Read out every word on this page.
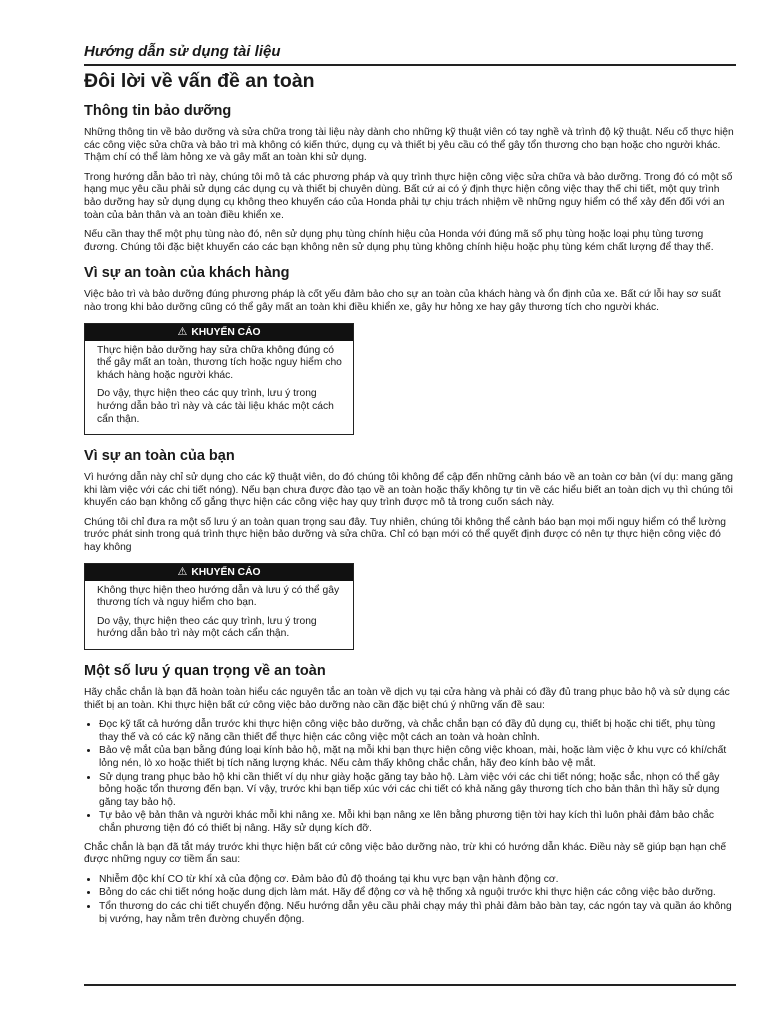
Hướng dẫn sử dụng tài liệu
Đôi lời về vấn đề an toàn
Thông tin bảo dưỡng

Những thông tin về bảo dưỡng và sửa chữa trong tài liệu này dành cho những kỹ thuật viên có tay nghề và trình độ kỹ thuật. Nếu cố thực hiện các công việc sửa chữa và bảo trì mà không có kiến thức, dụng cụ và thiết bị yêu cầu có thể gây tổn thương cho bạn hoặc cho người khác. Thậm chí có thể làm hỏng xe và gây mất an toàn khi sử dụng.

Trong hướng dẫn bảo trì này, chúng tôi mô tả các phương pháp và quy trình thực hiện công việc sửa chữa và bảo dưỡng. Trong đó có một số hạng mục yêu cầu phải sử dụng các dụng cụ và thiết bị chuyên dùng. Bất cứ ai có ý định thực hiện công việc thay thế chi tiết, một quy trình bảo dưỡng hay sử dụng dụng cụ không theo khuyến cáo của Honda phải tự chịu trách nhiệm về những nguy hiểm có thể xảy đến đối với an toàn của bản thân và an toàn điều khiển xe.

Nếu cần thay thế một phụ tùng nào đó, nên sử dụng phụ tùng chính hiệu của Honda với đúng mã số phụ tùng hoặc loại phụ tùng tương đương. Chúng tôi đặc biệt khuyến cáo các bạn không nên sử dụng phụ tùng không chính hiệu hoặc phụ tùng kém chất lượng để thay thế.

Vì sự an toàn của khách hàng

Việc bảo trì và bảo dưỡng đúng phương pháp là cốt yếu đảm bảo cho sự an toàn của khách hàng và ổn định của xe. Bất cứ lỗi hay sơ suất nào trong khi bảo dưỡng cũng có thể gây mất an toàn khi điều khiển xe, gây hư hỏng xe hay gây thương tích cho người khác.

⚠ KHUYẾN CÁO

Thực hiện bảo dưỡng hay sửa chữa không đúng có thể gây mất an toàn, thương tích hoặc nguy hiểm cho khách hàng hoặc người khác.

Do vậy, thực hiện theo các quy trình, lưu ý trong hướng dẫn bảo trì này và các tài liệu khác một cách cẩn thận.

Vì sự an toàn của bạn

Vì hướng dẫn này chỉ sử dụng cho các kỹ thuật viên, do đó chúng tôi không để cập đến những cảnh báo về an toàn cơ bản (ví dụ: mang găng khi làm việc với các chi tiết nóng). Nếu bạn chưa được đào tạo về an toàn hoặc thấy không tự tin về các hiểu biết an toàn dịch vụ thì chúng tôi khuyến cáo bạn không cố gắng thực hiện các công việc hay quy trình được mô tả trong cuốn sách này.

Chúng tôi chỉ đưa ra một số lưu ý an toàn quan trọng sau đây. Tuy nhiên, chúng tôi không thể cảnh báo bạn mọi mối nguy hiểm có thể lường trước phát sinh trong quá trình thực hiện bảo dưỡng và sửa chữa. Chỉ có bạn mới có thể quyết định được có nên tự thực hiện công việc đó hay không

⚠ KHUYẾN CÁO

Không thực hiện theo hướng dẫn và lưu ý có thể gây thương tích và nguy hiểm cho bạn.

Do vậy, thực hiện theo các quy trình, lưu ý trong hướng dẫn bảo trì này một cách cẩn thận.

Một số lưu ý quan trọng về an toàn

Hãy chắc chắn là bạn đã hoàn toàn hiểu các nguyên tắc an toàn về dịch vụ tại cửa hàng và phải có đầy đủ trang phục bảo hộ và sử dụng các thiết bị an toàn. Khi thực hiện bất cứ công việc bảo dưỡng nào cần đặc biệt chú ý những vấn đề sau:

• Đọc kỹ tất cả hướng dẫn trước khi thực hiện công việc bảo dưỡng, và chắc chắn bạn có đầy đủ dụng cụ, thiết bị hoặc chi tiết, phụ tùng thay thế và có các kỹ năng cần thiết để thực hiện các công việc một cách an toàn và hoàn chỉnh.
• Bảo vệ mắt của bạn bằng đúng loại kính bảo hộ, mặt nạ mỗi khi bạn thực hiện công việc khoan, mài, hoặc làm việc ở khu vực có khí/chất lỏng nén, lò xo hoặc thiết bị tích năng lượng khác. Nếu cảm thấy không chắc chắn, hãy đeo kính bảo vệ mắt.
• Sử dụng trang phục bảo hộ khi cần thiết ví dụ như giày hoặc găng tay bảo hộ. Làm việc với các chi tiết nóng; hoặc sắc, nhọn có thể gây bỏng hoặc tổn thương đến bạn. Ví vậy, trước khi bạn tiếp xúc với các chi tiết có khả năng gây thương tích cho bản thân thì hãy sử dụng găng tay bảo hộ.
• Tự bảo vệ bản thân và người khác mỗi khi nâng xe. Mỗi khi bạn nâng xe lên bằng phương tiện tời hay kích thì luôn phải đảm bảo chắc chắn phương tiện đó có thiết bị nâng. Hãy sử dụng kích đỡ.

Chắc chắn là bạn đã tắt máy trước khi thực hiện bất cứ công việc bảo dưỡng nào, trừ khi có hướng dẫn khác. Điều này sẽ giúp bạn hạn chế được những nguy cơ tiềm ẩn sau:

• Nhiễm độc khí CO từ khí xả của động cơ. Đảm bảo đủ độ thoáng tại khu vực bạn vận hành động cơ.
• Bỏng do các chi tiết nóng hoặc dung dịch làm mát. Hãy để động cơ và hệ thống xả nguội trước khi thực hiện các công việc bảo dưỡng.
• Tổn thương do các chi tiết chuyển động. Nếu hướng dẫn yêu cầu phải chạy máy thì phải đảm bảo bàn tay, các ngón tay và quần áo không bị vướng, hay nằm trên đường chuyển động.
